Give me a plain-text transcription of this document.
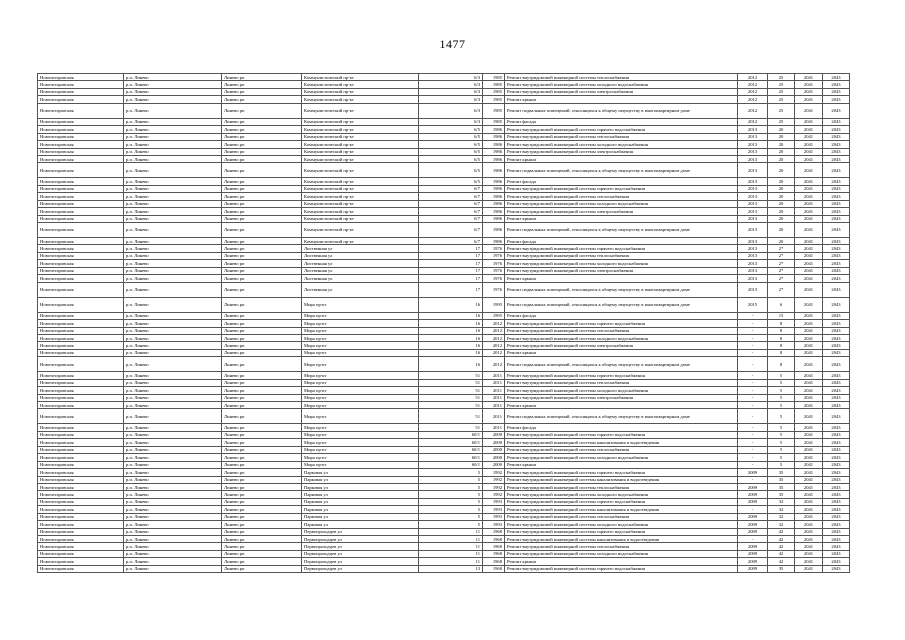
1477
Новотитаровская	р.п. Линево	Линево рп	Коммунистический пр-кт	6/3	1985	Ремонт внутридомовой инженерной системы теплоснабжения	2012	25	2041	2043
Новотитаровская	р.п. Линево	Линево рп	Коммунистический пр-кт	6/3	1985	Ремонт внутридомовой инженерной системы холодного водоснабжения	2012	25	2041	2043
Новотитаровская	р.п. Линево	Линево рп	Коммунистический пр-кт	6/3	1985	Ремонт внутридомовой инженерной системы электроснабжения	2012	25	2041	2043
Новотитаровская	р.п. Линево	Линево рп	Коммунистический пр-кт	6/3	1985	Ремонт крыши	2012	25	2041	2043
Новотитаровская	р.п. Линево	Линево рп	Коммунистический пр-кт	6/3	1985	Ремонт подвальных помещений, относящихся к общему имуществу в многоквартирном доме	2012	25	2041	2043
Новотитаровская	р.п. Линево	Линево рп	Коммунистический пр-кт	6/3	1985	Ремонт фасада	2012	25	2041	2043
Новотитаровская	р.п. Линево	Линево рп	Коммунистический пр-кт	6/5	1986	Ремонт внутридомовой инженерной системы горячего водоснабжения	2013	20	2041	2043
Новотитаровская	р.п. Линево	Линево рп	Коммунистический пр-кт	6/5	1986	Ремонт внутридомовой инженерной системы теплоснабжения	2013	20	2041	2043
Новотитаровская	р.п. Линево	Линево рп	Коммунистический пр-кт	6/5	1986	Ремонт внутридомовой инженерной системы холодного водоснабжения	2013	20	2041	2043
Новотитаровская	р.п. Линево	Линево рп	Коммунистический пр-кт	6/5	1986	Ремонт внутридомовой инженерной системы электроснабжения	2013	20	2041	2043
Новотитаровская	р.п. Линево	Линево рп	Коммунистический пр-кт	6/5	1986	Ремонт крыши	2013	20	2041	2043
Новотитаровская	р.п. Линево	Линево рп	Коммунистический пр-кт	6/5	1986	Ремонт подвальных помещений, относящихся к общему имуществу в многоквартирном доме	2013	20	2041	2043
Новотитаровская	р.п. Линево	Линево рп	Коммунистический пр-кт	6/5	1986	Ремонт фасада	2013	20	2041	2043
Новотитаровская	р.п. Линево	Линево рп	Коммунистический пр-кт	6/7	1986	Ремонт внутридомовой инженерной системы горячего водоснабжения	2013	20	2041	2043
Новотитаровская	р.п. Линево	Линево рп	Коммунистический пр-кт	6/7	1986	Ремонт внутридомовой инженерной системы теплоснабжения	2013	20	2041	2043
Новотитаровская	р.п. Линево	Линево рп	Коммунистический пр-кт	6/7	1986	Ремонт внутридомовой инженерной системы холодного водоснабжения	2013	20	2041	2043
Новотитаровская	р.п. Линево	Линево рп	Коммунистический пр-кт	6/7	1986	Ремонт внутридомовой инженерной системы электроснабжения	2013	20	2041	2043
Новотитаровская	р.п. Линево	Линево рп	Коммунистический пр-кт	6/7	1986	Ремонт крыши	2013	20	2041	2043
Новотитаровская	р.п. Линево	Линево рп	Коммунистический пр-кт	6/7	1986	Ремонт подвальных помещений, относящихся к общему имуществу в многоквартирном доме	2013	20	2041	2043
Новотитаровская	р.п. Линево	Линево рп	Коммунистический пр-кт	6/7	1986	Ремонт фасада	2013	20	2041	2043
Новотитаровская	р.п. Линево	Линево рп	Лиственная ул	17	1976	Ремонт внутридомовой инженерной системы горячего водоснабжения	2013	2*	2041	2043
Новотитаровская	р.п. Линево	Линево рп	Лиственная ул	17	1976	Ремонт внутридомовой инженерной системы теплоснабжения	2013	2*	2041	2043
Новотитаровская	р.п. Линево	Линево рп	Лиственная ул	17	1976	Ремонт внутридомовой инженерной системы холодного водоснабжения	2013	2*	2041	2043
Новотитаровская	р.п. Линево	Линево рп	Лиственная ул	17	1976	Ремонт внутридомовой инженерной системы электроснабжения	2013	2*	2041	2043
Новотитаровская	р.п. Линево	Линево рп	Лиственная ул	17	1976	Ремонт крыши	2013	2*	2041	2043
Новотитаровская	р.п. Линево	Линево рп	Лиственная ул	17	1976	Ремонт подвальных помещений, относящихся к общему имуществу в многоквартирном доме	2013	2*	2041	2043
Новотитаровская	р.п. Линево	Линево рп	Мира пр-кт	16	1995	Ремонт подвальных помещений, относящихся к общему имуществу в многоквартирном доме	2015	6	2041	2043
Новотитаровская	р.п. Линево	Линево рп	Мира пр-кт	16	1995	Ремонт фасада	-	15	2041	2043
Новотитаровская	р.п. Линево	Линево рп	Мира пр-кт	16	2012	Ремонт внутридомовой инженерной системы горячего водоснабжения	-	8	2041	2043
Новотитаровская	р.п. Линево	Линево рп	Мира пр-кт	16	2012	Ремонт внутридомовой инженерной системы теплоснабжения	-	8	2041	2043
Новотитаровская	р.п. Линево	Линево рп	Мира пр-кт	16	2012	Ремонт внутридомовой инженерной системы холодного водоснабжения	-	8	2041	2043
Новотитаровская	р.п. Линево	Линево рп	Мира пр-кт	16	2012	Ремонт внутридомовой инженерной системы электроснабжения	-	8	2041	2043
Новотитаровская	р.п. Линево	Линево рп	Мира пр-кт	16	2012	Ремонт крыши	-	8	2041	2043
Новотитаровская	р.п. Линево	Линево рп	Мира пр-кт	16	2012	Ремонт подвальных помещений, относящихся к общему имуществу в многоквартирном доме	-	8	2041	2043
Новотитаровская	р.п. Линево	Линево рп	Мира пр-кт	51	2011	Ремонт внутридомовой инженерной системы горячего водоснабжения	-	5	2041	2043
Новотитаровская	р.п. Линево	Линево рп	Мира пр-кт	51	2011	Ремонт внутридомовой инженерной системы теплоснабжения	-	5	2041	2043
Новотитаровская	р.п. Линево	Линево рп	Мира пр-кт	51	2011	Ремонт внутридомовой инженерной системы холодного водоснабжения	-	5	2041	2043
Новотитаровская	р.п. Линево	Линево рп	Мира пр-кт	51	2011	Ремонт внутридомовой инженерной системы электроснабжения	-	5	2041	2043
Новотитаровская	р.п. Линево	Линево рп	Мира пр-кт	51	2011	Ремонт крыши	-	5	2041	2043
Новотитаровская	р.п. Линево	Линево рп	Мира пр-кт	51	2011	Ремонт подвальных помещений, относящихся к общему имуществу в многоквартирном доме	-	5	2041	2043
Новотитаровская	р.п. Линево	Линево рп	Мира пр-кт	51	2011	Ремонт фасада	-	5	2041	2043
Новотитаровская	р.п. Линево	Линево рп	Мира пр-кт	60/1	2000	Ремонт внутридомовой инженерной системы горячего водоснабжения	-	5	2041	2043
Новотитаровская	р.п. Линево	Линево рп	Мира пр-кт	60/1	2000	Ремонт внутридомовой инженерной системы канализования и водоотведения	-	5	2041	2043
Новотитаровская	р.п. Линево	Линево рп	Мира пр-кт	60/1	2000	Ремонт внутридомовой инженерной системы теплоснабжения	-	5	2041	2043
Новотитаровская	р.п. Линево	Линево рп	Мира пр-кт	60/1	2000	Ремонт внутридомовой инженерной системы холодного водоснабжения	-	5	2041	2043
Новотитаровская	р.п. Линево	Линево рп	Мира пр-кт	60/1	2000	Ремонт крыши	-	5	2041	2043
Новотитаровская	р.п. Линево	Линево рп	Парковая ул	5	1992	Ремонт внутридомовой инженерной системы горячего водоснабжения	2009	35	2041	2043
Новотитаровская	р.п. Линево	Линево рп	Парковая ул	5	1992	Ремонт внутридомовой инженерной системы канализования и водоотведения	-	35	2041	2043
Новотитаровская	р.п. Линево	Линево рп	Парковая ул	5	1992	Ремонт внутридомовой инженерной системы теплоснабжения	2009	35	2041	2043
Новотитаровская	р.п. Линево	Линево рп	Парковая ул	5	1992	Ремонт внутридомовой инженерной системы холодного водоснабжения	2009	35	2041	2043
Новотитаровская	р.п. Линево	Линево рп	Парковая ул	5	1993	Ремонт внутридомовой инженерной системы горячего водоснабжения	2009	32	2041	2043
Новотитаровская	р.п. Линево	Линево рп	Парковая ул	5	1993	Ремонт внутридомовой инженерной системы канализования и водоотведения	-	32	2041	2043
Новотитаровская	р.п. Линево	Линево рп	Парковая ул	5	1993	Ремонт внутридомовой инженерной системы теплоснабжения	2009	32	2041	2043
Новотитаровская	р.п. Линево	Линево рп	Парковая ул	5	1993	Ремонт внутридомовой инженерной системы холодного водоснабжения	2009	32	2041	2043
Новотитаровская	р.п. Линево	Линево рп	Первопроходцев ул	11	1968	Ремонт внутридомовой инженерной системы горячего водоснабжения	2009	42	2041	2043
Новотитаровская	р.п. Линево	Линево рп	Первопроходцев ул	11	1968	Ремонт внутридомовой инженерной системы канализования и водоотведения	-	42	2041	2043
Новотитаровская	р.п. Линево	Линево рп	Первопроходцев ул	11	1968	Ремонт внутридомовой инженерной системы теплоснабжения	2009	42	2041	2043
Новотитаровская	р.п. Линево	Линево рп	Первопроходцев ул	11	1968	Ремонт внутридомовой инженерной системы холодного водоснабжения	2009	42	2041	2043
Новотитаровская	р.п. Линево	Линево рп	Первопроходцев ул	11	1968	Ремонт крыши	2009	42	2041	2043
Новотитаровская	р.п. Линево	Линево рп	Первопроходцев ул	13	1968	Ремонт внутридомовой инженерной системы горячего водоснабжения	2009	35	2041	2043
